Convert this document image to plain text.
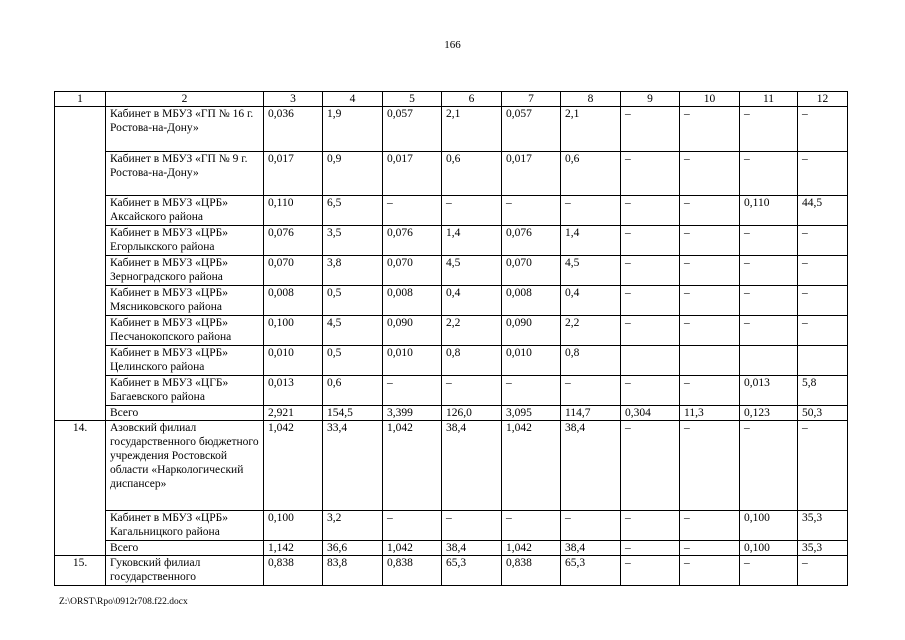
166
1	2	3	4	5	6	7	8	9	10	11	12
	Кабинет в МБУЗ «ГП № 16 г. Ростова-на-Дону»	0,036	1,9	0,057	2,1	0,057	2,1	–	–	–	–
	Кабинет в МБУЗ «ГП № 9 г. Ростова-на-Дону»	0,017	0,9	0,017	0,6	0,017	0,6	–	–	–	–
	Кабинет в МБУЗ «ЦРБ» Аксайского района	0,110	6,5	–	–	–	–	–	–	0,110	44,5
	Кабинет в МБУЗ «ЦРБ» Егорлыкского района	0,076	3,5	0,076	1,4	0,076	1,4	–	–	–	–
	Кабинет в МБУЗ «ЦРБ» Зерноградского района	0,070	3,8	0,070	4,5	0,070	4,5	–	–	–	–
	Кабинет в МБУЗ «ЦРБ» Мясниковского района	0,008	0,5	0,008	0,4	0,008	0,4	–	–	–	–
	Кабинет в МБУЗ «ЦРБ» Песчанокопского района	0,100	4,5	0,090	2,2	0,090	2,2	–	–	–	–
	Кабинет в МБУЗ «ЦРБ» Целинского района	0,010	0,5	0,010	0,8	0,010	0,8				
	Кабинет в МБУЗ «ЦГБ» Багаевского района	0,013	0,6	–	–	–	–	–	–	0,013	5,8
	Всего	2,921	154,5	3,399	126,0	3,095	114,7	0,304	11,3	0,123	50,3
14.	Азовский филиал государственного бюджетного учреждения Ростовской области «Наркологический диспансер»	1,042	33,4	1,042	38,4	1,042	38,4	–	–	–	–
	Кабинет в МБУЗ «ЦРБ» Кагальницкого района	0,100	3,2	–	–	–	–	–	–	0,100	35,3
	Всего	1,142	36,6	1,042	38,4	1,042	38,4	–	–	0,100	35,3
15.	Гуковский филиал государственного	0,838	83,8	0,838	65,3	0,838	65,3	–	–	–	–
Z:\ORST\Rpo\0912r708.f22.docx
